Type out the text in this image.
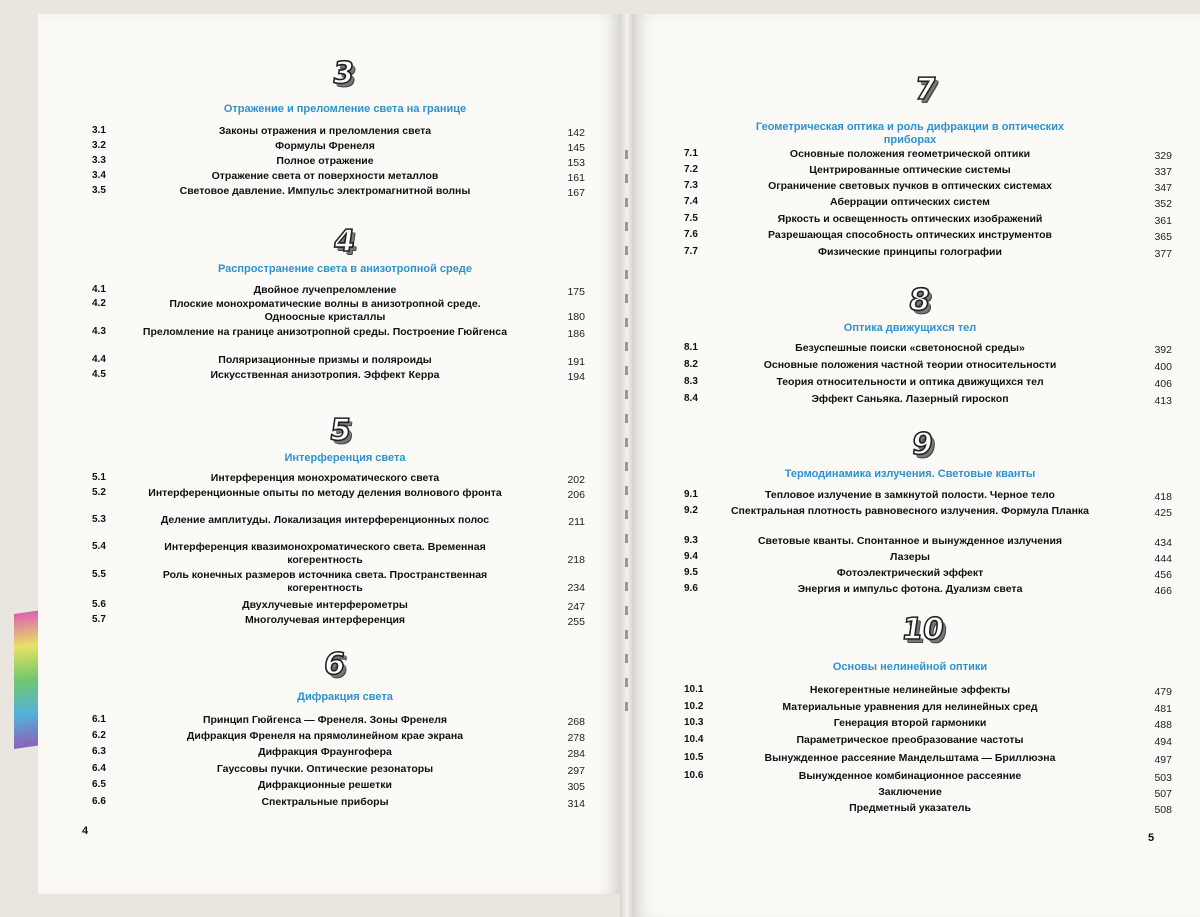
3
Отражение и преломление света на границе
3.1	Законы отражения и преломления света	142
3.2	Формулы Френеля	145
3.3	Полное отражение	153
3.4	Отражение света от поверхности металлов	161
3.5	Световое давление. Импульс электромагнитной волны	167
4
Распространение света в анизотропной среде
4.1	Двойное лучепреломление	175
4.2	Плоские монохроматические волны в анизотропной среде. Одноосные кристаллы	180
4.3	Преломление на границе анизотропной среды. Построение Гюйгенса	186
4.4	Поляризационные призмы и поляроиды	191
4.5	Искусственная анизотропия. Эффект Керра	194
5
Интерференция света
5.1	Интерференция монохроматического света	202
5.2	Интерференционные опыты по методу деления волнового фронта	206
5.3	Деление амплитуды. Локализация интерференционных полос	211
5.4	Интерференция квазимонохроматического света. Временная когерентность	218
5.5	Роль конечных размеров источника света. Пространственная когерентность	234
5.6	Двухлучевые интерферометры	247
5.7	Многолучевая интерференция	255
6
Дифракция света
6.1	Принцип Гюйгенса — Френеля. Зоны Френеля	268
6.2	Дифракция Френеля на прямолинейном крае экрана	278
6.3	Дифракция Фраунгофера	284
6.4	Гауссовы пучки. Оптические резонаторы	297
6.5	Дифракционные решетки	305
6.6	Спектральные приборы	314
7
Геометрическая оптика и роль дифракции в оптических приборах
7.1	Основные положения геометрической оптики	329
7.2	Центрированные оптические системы	337
7.3	Ограничение световых пучков в оптических системах	347
7.4	Аберрации оптических систем	352
7.5	Яркость и освещенность оптических изображений	361
7.6	Разрешающая способность оптических инструментов	365
7.7	Физические принципы голографии	377
8
Оптика движущихся тел
8.1	Безуспешные поиски «светоносной среды»	392
8.2	Основные положения частной теории относительности	400
8.3	Теория относительности и оптика движущихся тел	406
8.4	Эффект Саньяка. Лазерный гироскоп	413
9
Термодинамика излучения. Световые кванты
9.1	Тепловое излучение в замкнутой полости. Черное тело	418
9.2	Спектральная плотность равновесного излучения. Формула Планка	425
9.3	Световые кванты. Спонтанное и вынужденное излучения	434
9.4	Лазеры	444
9.5	Фотоэлектрический эффект	456
9.6	Энергия и импульс фотона. Дуализм света	466
10
Основы нелинейной оптики
10.1	Некогерентные нелинейные эффекты	479
10.2	Материальные уравнения для нелинейных сред	481
10.3	Генерация второй гармоники	488
10.4	Параметрическое преобразование частоты	494
10.5	Вынужденное рассеяние Мандельштама — Бриллюэна	497
10.6	Вынужденное комбинационное рассеяние	503
Заключение	507
Предметный указатель	508
4
5
